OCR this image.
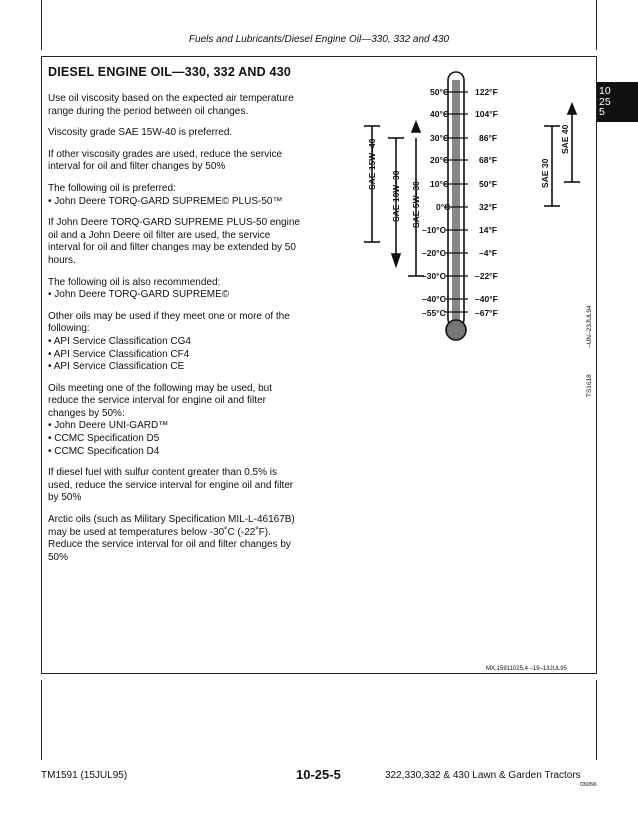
Fuels and Lubricants/Diesel Engine Oil—330, 332 and 430
DIESEL ENGINE OIL—330, 332 AND 430

Use oil viscosity based on the expected air temperature
range during the period between oil changes.

Viscosity grade SAE 15W-40 is preferred.

If other viscosity grades are used, reduce the service
interval for oil and filter changes by 50%

The following oil is preferred:
• John Deere TORQ-GARD SUPREME© PLUS-50™

If John Deere TORQ-GARD SUPREME PLUS-50 engine
oil and a John Deere oil filter are used, the service
interval for oil and filter changes may be extended by 50
hours.

The following oil is also recommended:
• John Deere TORQ-GARD SUPREME©

Other oils may be used if they meet one or more of the
following:
• API Service Classification CG4
• API Service Classification CF4
• API Service Classification CE

Oils meeting one of the following may be used, but
reduce the service interval for engine oil and filter
changes by 50%:
• John Deere UNI-GARD™
• CCMC Specification D5
• CCMC Specification D4

If diesel fuel with sulfur content greater than 0.5% is
used, reduce the service interval for engine oil and filter
by 50%

Arctic oils (such as Military Specification MIL-L-46167B)
may be used at temperatures below -30˚C (-22˚F).
Reduce the service interval for oil and filter changes by
50%

50°C
40°C
30°C
20°C
10°C
0°C
–10°C
–20°C
–30°C
–40°C
–55°C
122°F
104°F
86°F
68°F
50°F
32°F
14°F
–4°F
–22°F
–40°F
–67°F
SAE 15W–40
SAE 10W–30 SAE 5W–30
SAE 30
SAE 40
–UN–23JUL94
TS1618
10
25
5
MX,15911025,4 –19–13JUL95
TM1591 (15JUL95)	10-25-5	322,330,332 & 430 Lawn & Garden Tractors
030896
